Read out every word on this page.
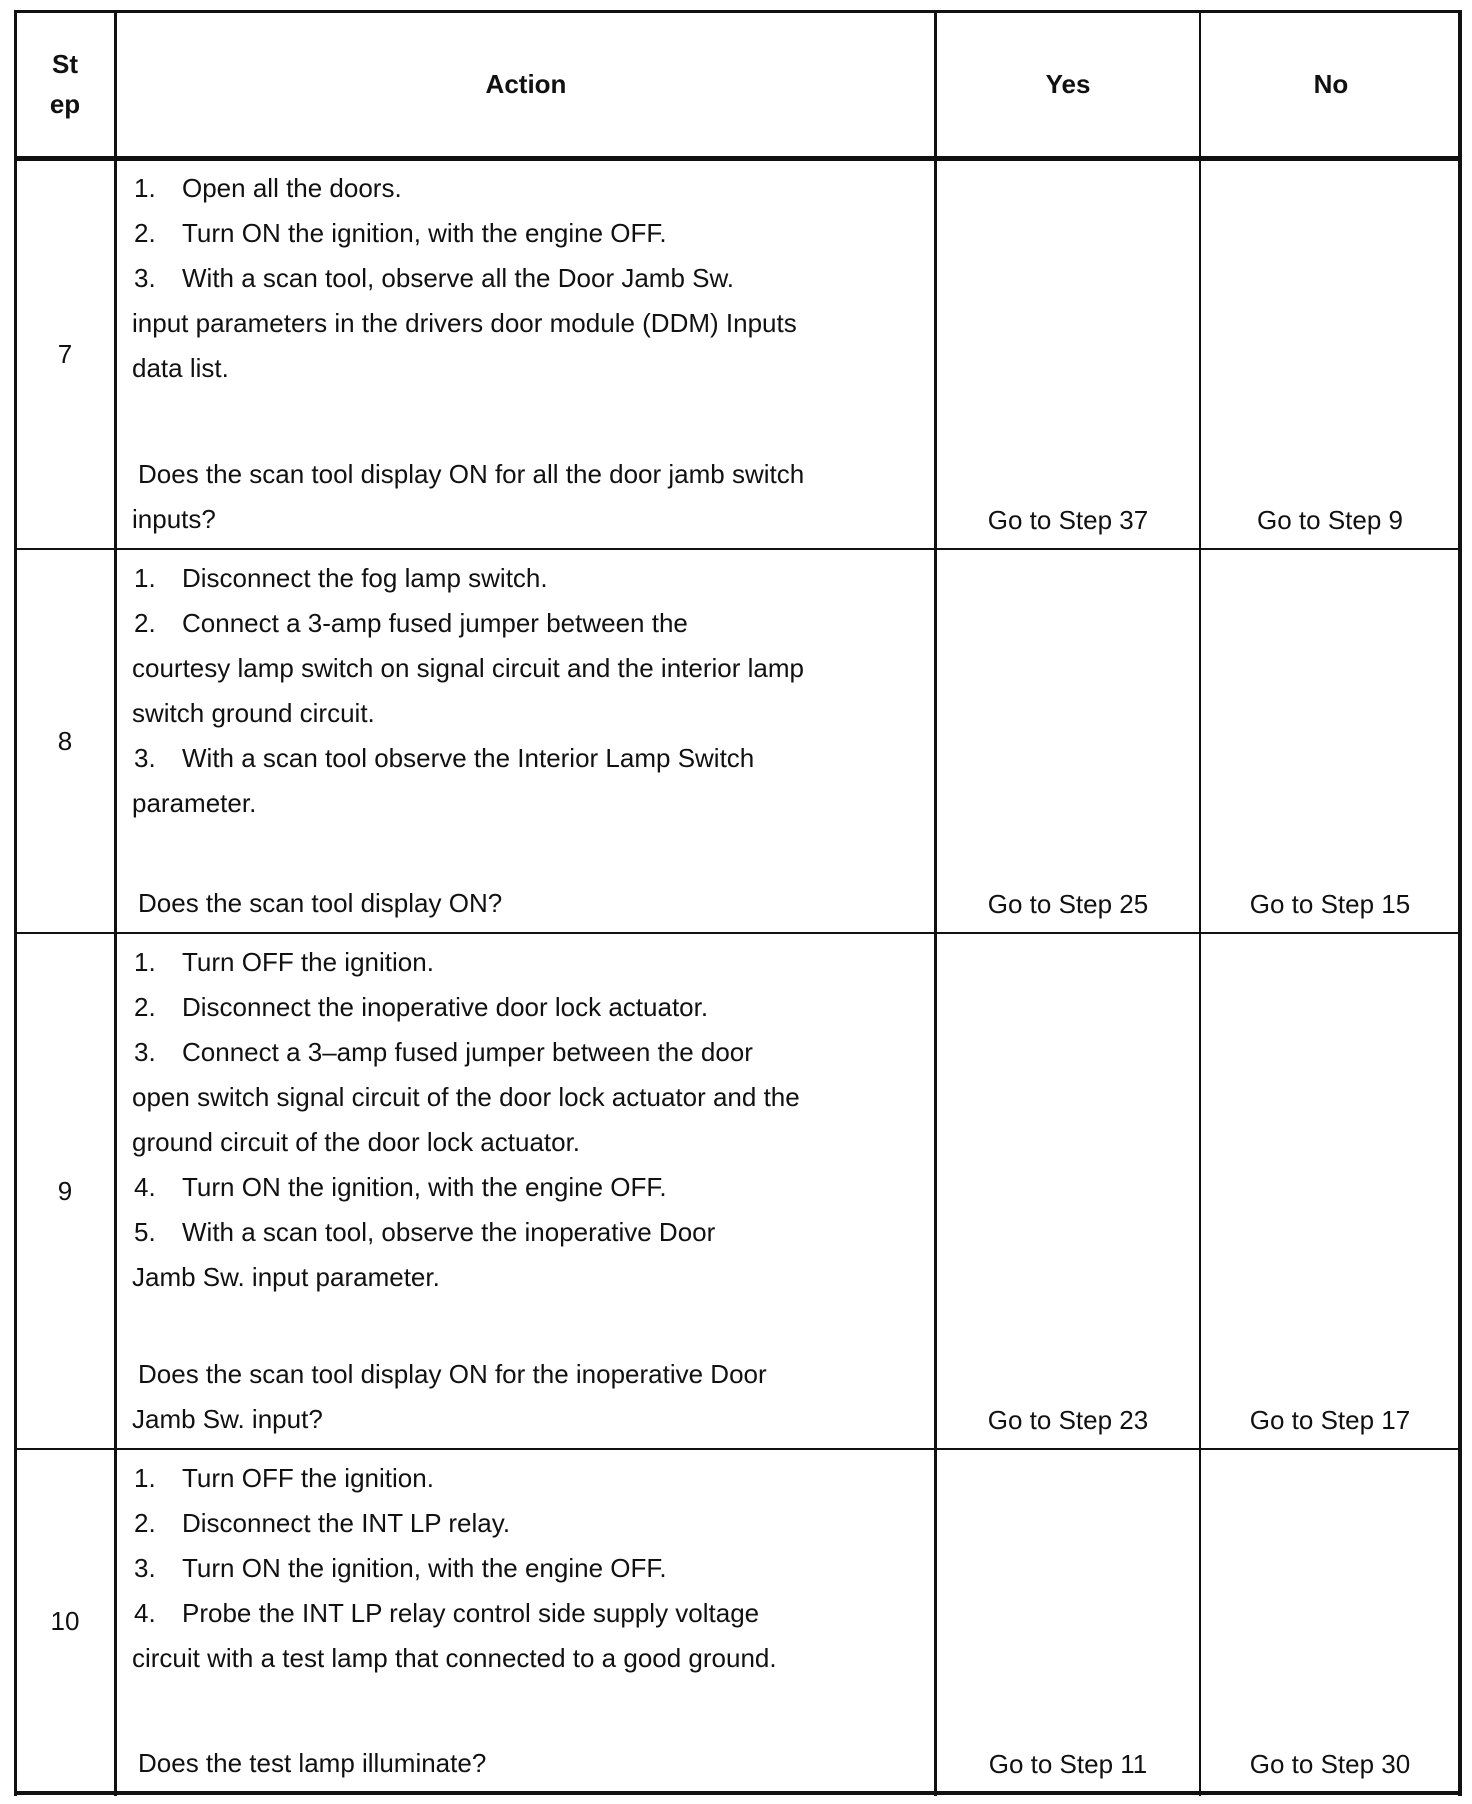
St ep
Action	Yes	No
7
1. Open all the doors.
2. Turn ON the ignition, with the engine OFF.
3. With a scan tool, observe all the Door Jamb Sw.
input parameters in the drivers door module (DDM) Inputs
data list.
Does the scan tool display ON for all the door jamb switch
inputs?	Go to Step 37	Go to Step 9
8
1. Disconnect the fog lamp switch.
2. Connect a 3-amp fused jumper between the
courtesy lamp switch on signal circuit and the interior lamp
switch ground circuit.
3. With a scan tool observe the Interior Lamp Switch
parameter.
Does the scan tool display ON?	Go to Step 25	Go to Step 15
9
1. Turn OFF the ignition.
2. Disconnect the inoperative door lock actuator.
3. Connect a 3–amp fused jumper between the door
open switch signal circuit of the door lock actuator and the
ground circuit of the door lock actuator.
4. Turn ON the ignition, with the engine OFF.
5. With a scan tool, observe the inoperative Door
Jamb Sw. input parameter.
Does the scan tool display ON for the inoperative Door
Jamb Sw. input?	Go to Step 23	Go to Step 17
10
1. Turn OFF the ignition.
2. Disconnect the INT LP relay.
3. Turn ON the ignition, with the engine OFF.
4. Probe the INT LP relay control side supply voltage
circuit with a test lamp that connected to a good ground.
Does the test lamp illuminate?	Go to Step 11	Go to Step 30
